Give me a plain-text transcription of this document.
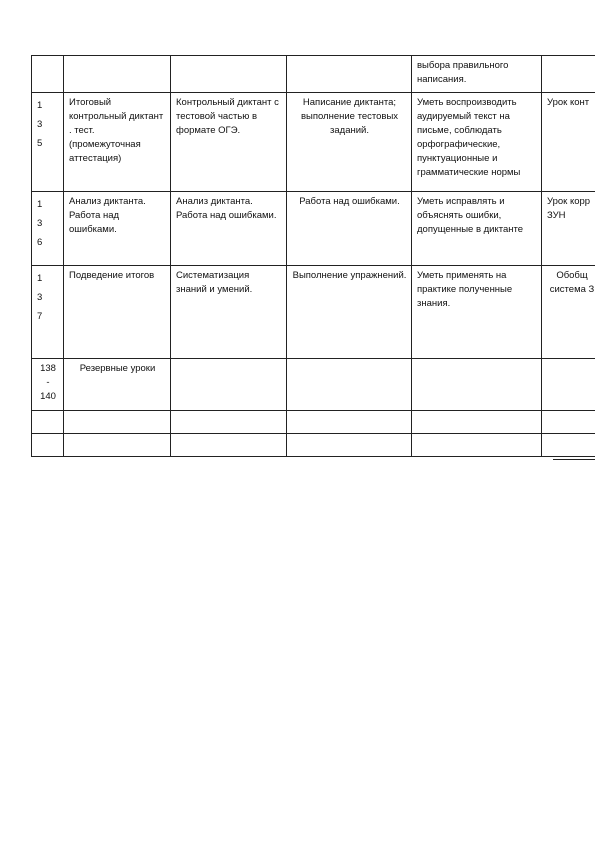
				выбора правильного написания.	

1
3
5	Итоговый контрольный диктант . тест. (промежуточная аттестация)	Контрольный диктант с тестовой частью в формате ОГЭ.	Написание диктанта; выполнение тестовых заданий.	Уметь воспроизводить аудируемый текст на письме, соблюдать орфографические, пунктуационные и грамматические нормы	Урок конт

1
3
6	Анализ диктанта. Работа над ошибками.	Анализ диктанта. Работа над ошибками.	Работа над ошибками.	Уметь исправлять и объяснять ошибки, допущенные в диктанте	Урок корр ЗУН

1
3
7	Подведение итогов	Систематизация знаний и умений.	Выполнение упражнений.	Уметь применять на практике полученные знания.	Обобщ система З

138
-
140	Резервные уроки				
